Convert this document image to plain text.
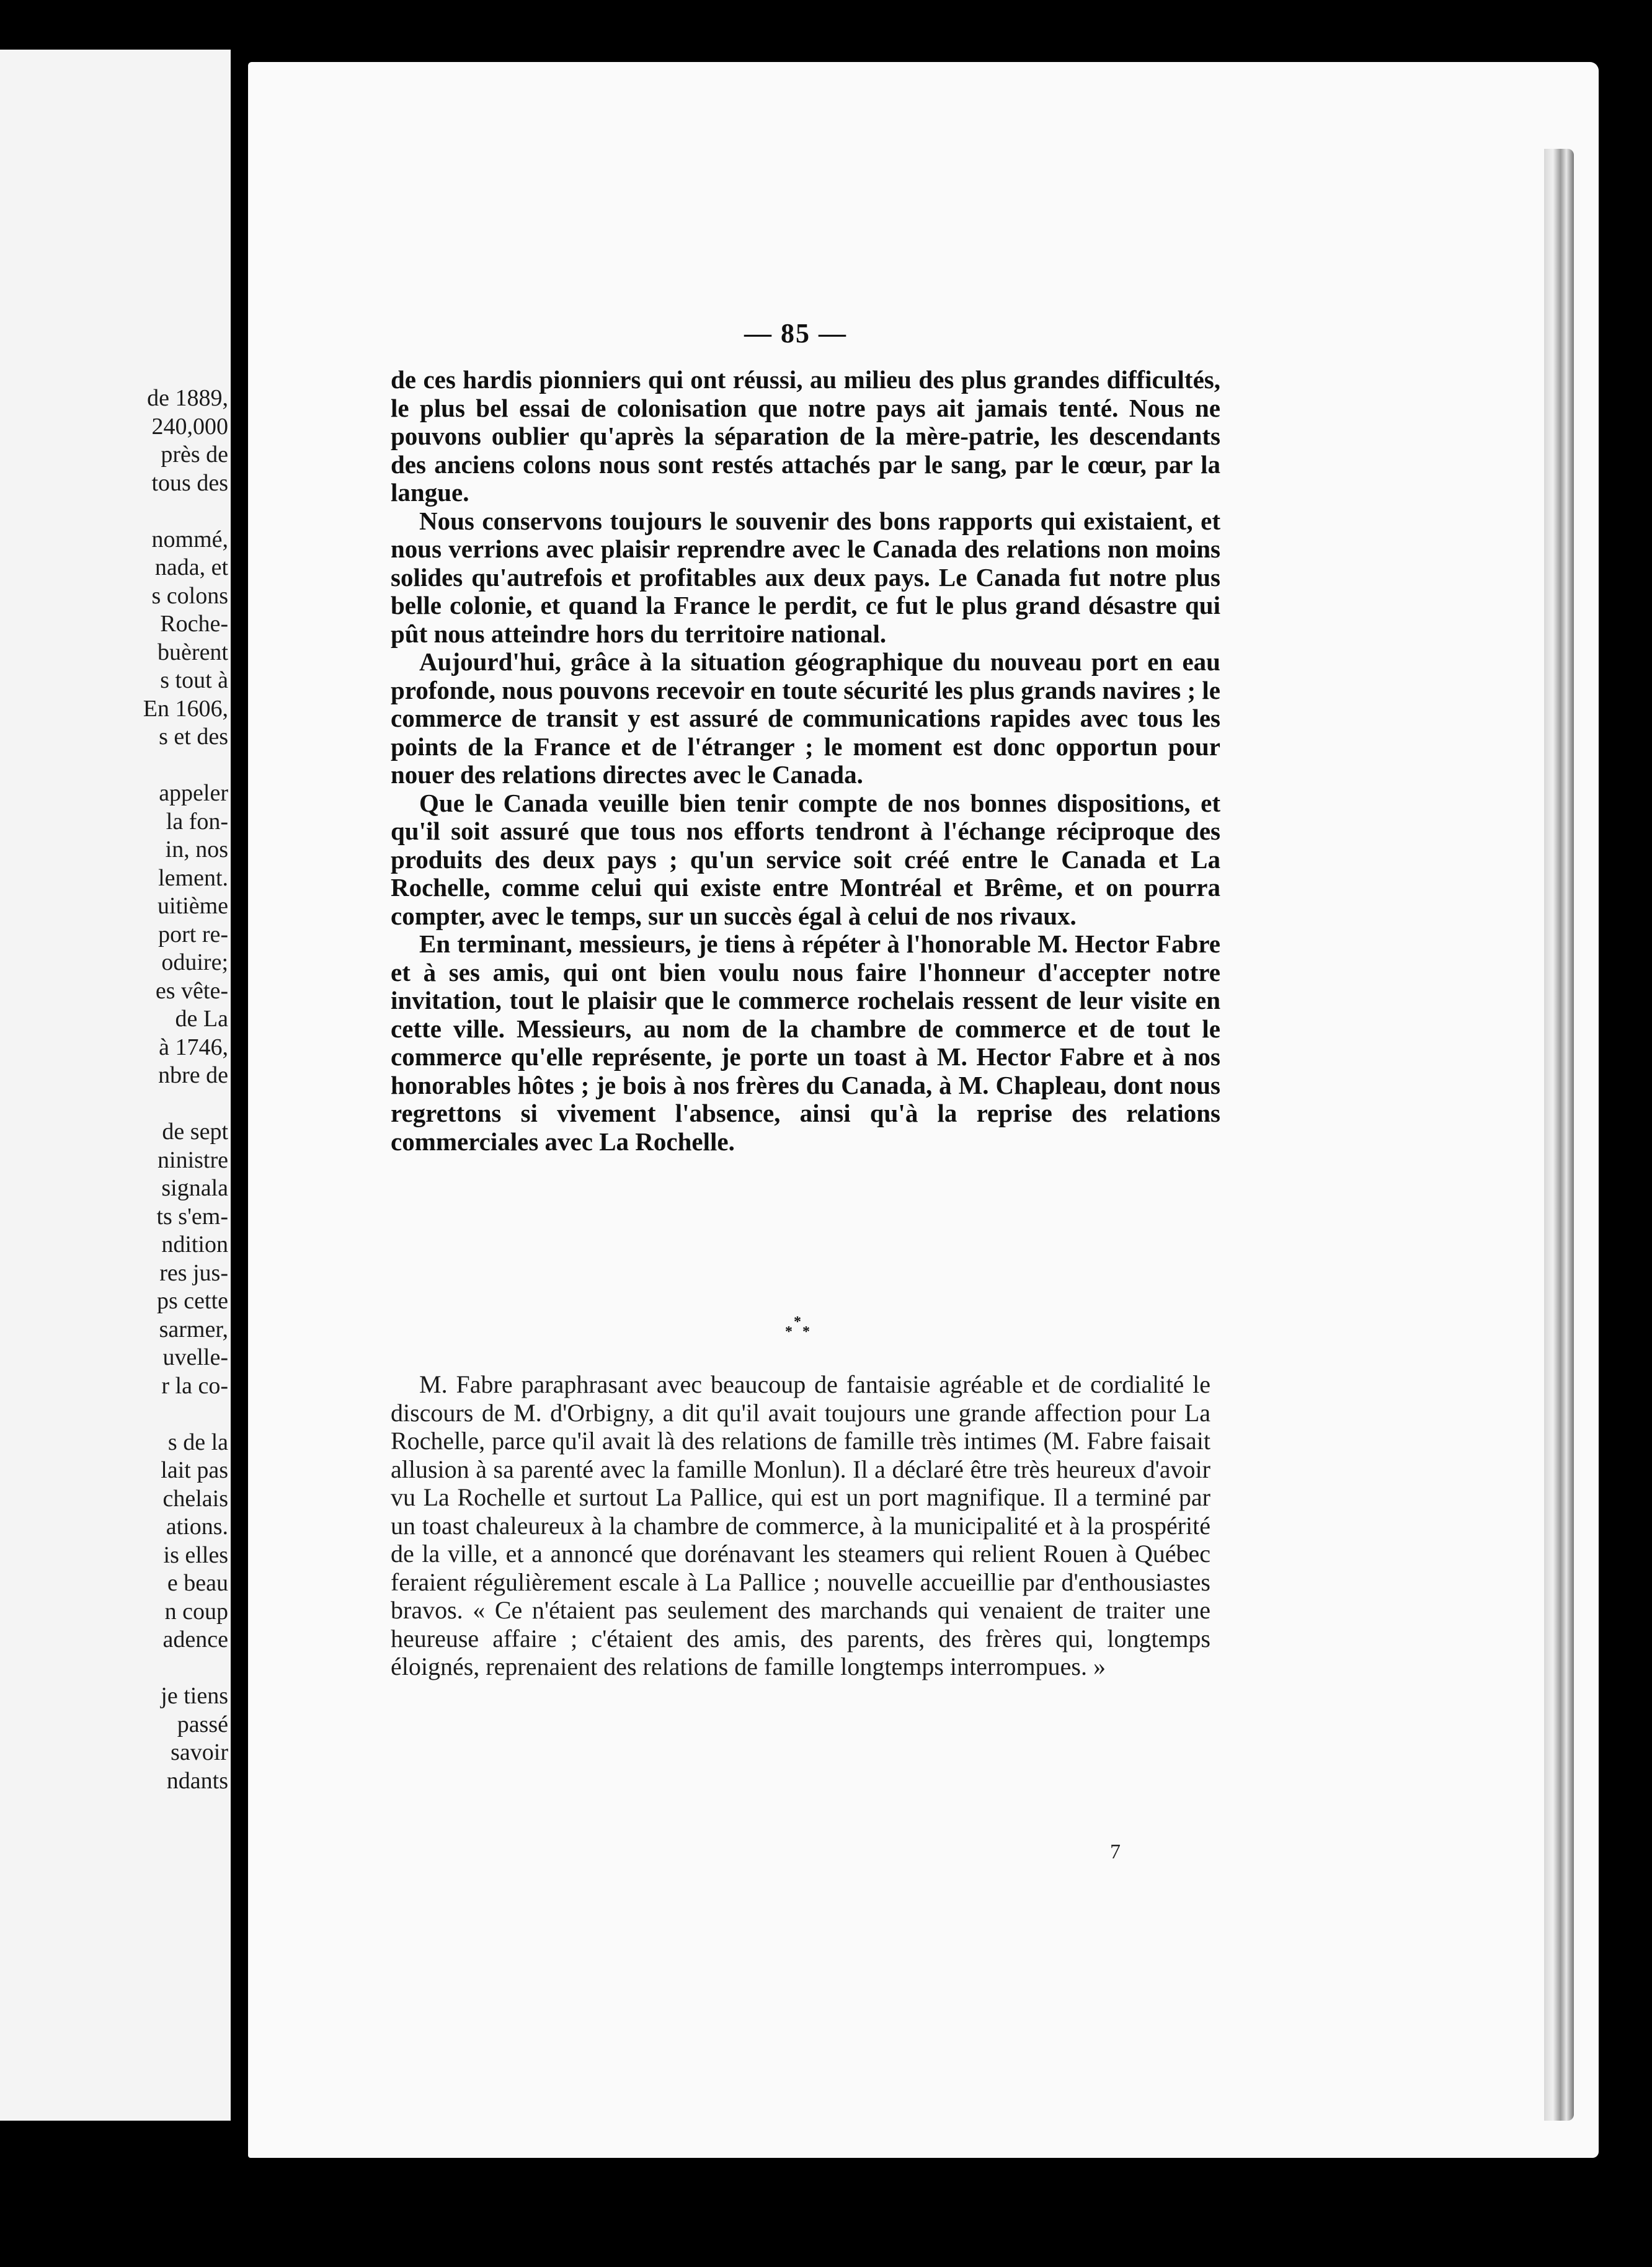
de 1889,
240,000
près de
tous des
nommé,
nada, et
s colons
Roche-
buèrent
s tout à
En 1606,
s et des
appeler
la fon-
in, nos
lement.
uitième
port re-
oduire;
es vête-
de La
à 1746,
nbre de
de sept
ninistre
signala
ts s'em-
ndition
res jus-
ps cette
sarmer,
uvelle-
r la co-
s de la
lait pas
chelais
ations.
is elles
e beau
n coup
adence
je tiens
passé
savoir
ndants
— 85 —

de ces hardis pionniers qui ont réussi, au milieu des plus grandes difficultés, le plus bel essai de colonisation que notre pays ait jamais tenté. Nous ne pouvons oublier qu'après la séparation de la mère-patrie, les descendants des anciens colons nous sont restés attachés par le sang, par le cœur, par la langue.

Nous conservons toujours le souvenir des bons rapports qui existaient, et nous verrions avec plaisir reprendre avec le Canada des relations non moins solides qu'autrefois et profitables aux deux pays. Le Canada fut notre plus belle colonie, et quand la France le perdit, ce fut le plus grand désastre qui pût nous atteindre hors du territoire national.

Aujourd'hui, grâce à la situation géographique du nouveau port en eau profonde, nous pouvons recevoir en toute sécurité les plus grands navires ; le commerce de transit y est assuré de communications rapides avec tous les points de la France et de l'étranger ; le moment est donc opportun pour nouer des relations directes avec le Canada.

Que le Canada veuille bien tenir compte de nos bonnes dispositions, et qu'il soit assuré que tous nos efforts tendront à l'échange réciproque des produits des deux pays ; qu'un service soit créé entre le Canada et La Rochelle, comme celui qui existe entre Montréal et Brême, et on pourra compter, avec le temps, sur un succès égal à celui de nos rivaux.

En terminant, messieurs, je tiens à répéter à l'honorable M. Hector Fabre et à ses amis, qui ont bien voulu nous faire l'honneur d'accepter notre invitation, tout le plaisir que le commerce rochelais ressent de leur visite en cette ville. Messieurs, au nom de la chambre de commerce et de tout le commerce qu'elle représente, je porte un toast à M. Hector Fabre et à nos honorables hôtes ; je bois à nos frères du Canada, à M. Chapleau, dont nous regrettons si vivement l'absence, ainsi qu'à la reprise des relations commerciales avec La Rochelle.

*
* *

M. Fabre paraphrasant avec beaucoup de fantaisie agréable et de cordialité le discours de M. d'Orbigny, a dit qu'il avait toujours une grande affection pour La Rochelle, parce qu'il avait là des relations de famille très intimes (M. Fabre faisait allusion à sa parenté avec la famille Monlun). Il a déclaré être très heureux d'avoir vu La Rochelle et surtout La Pallice, qui est un port magnifique. Il a terminé par un toast chaleureux à la chambre de commerce, à la municipalité et à la prospérité de la ville, et a annoncé que dorénavant les steamers qui relient Rouen à Québec feraient régulièrement escale à La Pallice ; nouvelle accueillie par d'enthousiastes bravos. « Ce n'étaient pas seulement des marchands qui venaient de traiter une heureuse affaire ; c'étaient des amis, des parents, des frères qui, longtemps éloignés, reprenaient des relations de famille longtemps interrompues. »

7
